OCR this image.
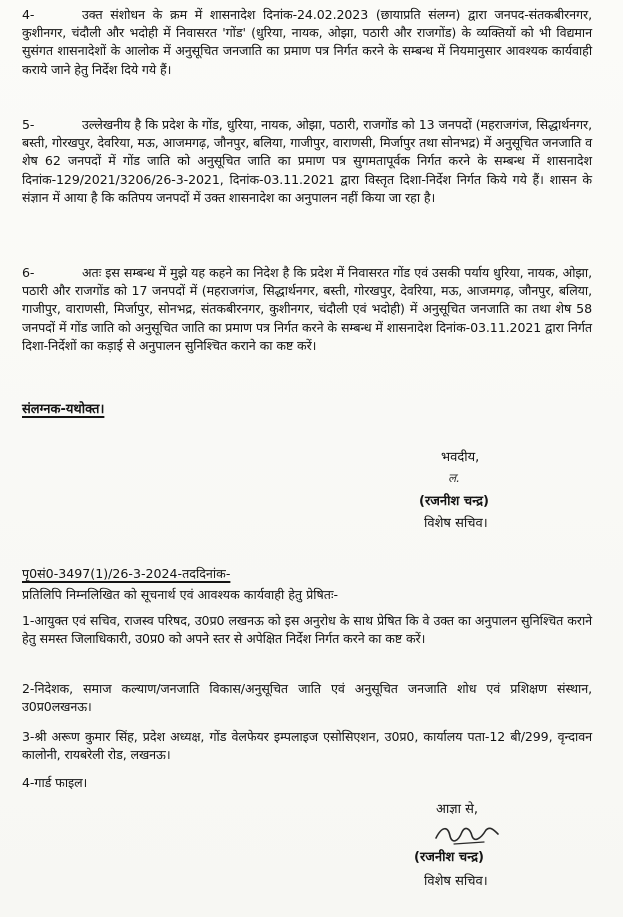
4-	उक्त संशोधन के क्रम में शासनादेश दिनांक-24.02.2023 (छायाप्रति संलग्न) द्वारा जनपद-संतकबीरनगर, कुशीनगर, चंदौली और भदोही में निवासरत 'गोंड' (धुरिया, नायक, ओझा, पठारी और राजगोंड) के व्यक्तियों को भी विद्यमान सुसंगत शासनादेशों के आलोक में अनुसूचित जनजाति का प्रमाण पत्र निर्गत करने के सम्बन्ध में नियमानुसार आवश्यक कार्यवाही कराये जाने हेतु निर्देश दिये गये हैं।

5-	उल्लेखनीय है कि प्रदेश के गोंड, धुरिया, नायक, ओझा, पठारी, राजगोंड को 13 जनपदों (महराजगंज, सिद्धार्थनगर, बस्ती, गोरखपुर, देवरिया, मऊ, आजमगढ़, जौनपुर, बलिया, गाजीपुर, वाराणसी, मिर्जापुर तथा सोनभद्र) में अनुसूचित जनजाति व शेष 62 जनपदों में गोंड जाति को अनुसूचित जाति का प्रमाण पत्र सुगमतापूर्वक निर्गत करने के सम्बन्ध में शासनादेश दिनांक-129/2021/3206/26-3-2021, दिनांक-03.11.2021 द्वारा विस्तृत दिशा-निर्देश निर्गत किये गये हैं। शासन के संज्ञान में आया है कि कतिपय जनपदों में उक्त शासनादेश का अनुपालन नहीं किया जा रहा है।

6-	अतः इस सम्बन्ध में मुझे यह कहने का निदेश है कि प्रदेश में निवासरत गोंड एवं उसकी पर्याय धुरिया, नायक, ओझा, पठारी और राजगोंड को 17 जनपदों में (महराजगंज, सिद्धार्थनगर, बस्ती, गोरखपुर, देवरिया, मऊ, आजमगढ़, जौनपुर, बलिया, गाजीपुर, वाराणसी, मिर्जापुर, सोनभद्र, संतकबीरनगर, कुशीनगर, चंदौली एवं भदोही) में अनुसूचित जनजाति का तथा शेष 58 जनपदों में गोंड जाति को अनुसूचित जाति का प्रमाण पत्र निर्गत करने के सम्बन्ध में शासनादेश दिनांक-03.11.2021 द्वारा निर्गत दिशा-निर्देशों का कड़ाई से अनुपालन सुनिश्चित कराने का कष्ट करें।

संलग्नक-यथोक्त।
भवदीय,
ल.
(रजनीश चन्द्र)
विशेष सचिव।
पृ0सं0-3497(1)/26-3-2024-तददिनांक-
प्रतिलिपि निम्नलिखित को सूचनार्थ एवं आवश्यक कार्यवाही हेतु प्रेषितः-

1-आयुक्त एवं सचिव, राजस्व परिषद, उ0प्र0 लखनऊ को इस अनुरोध के साथ प्रेषित कि वे उक्त का अनुपालन सुनिश्चित कराने हेतु समस्त जिलाधिकारी, उ0प्र0 को अपने स्तर से अपेक्षित निर्देश निर्गत करने का कष्ट करें।

2-निदेशक, समाज कल्याण/जनजाति विकास/अनुसूचित जाति एवं अनुसूचित जनजाति शोध एवं प्रशिक्षण संस्थान, उ0प्र0लखनऊ।

3-श्री अरूण कुमार सिंह, प्रदेश अध्यक्ष, गोंड वेलफेयर इम्पलाइज एसोसिएशन, उ0प्र0, कार्यालय पता-12 बी/299, वृन्दावन कालोनी, रायबरेली रोड, लखनऊ।

4-गार्ड फाइल।

आज्ञा से,
(रजनीश चन्द्र)
विशेष सचिव।
